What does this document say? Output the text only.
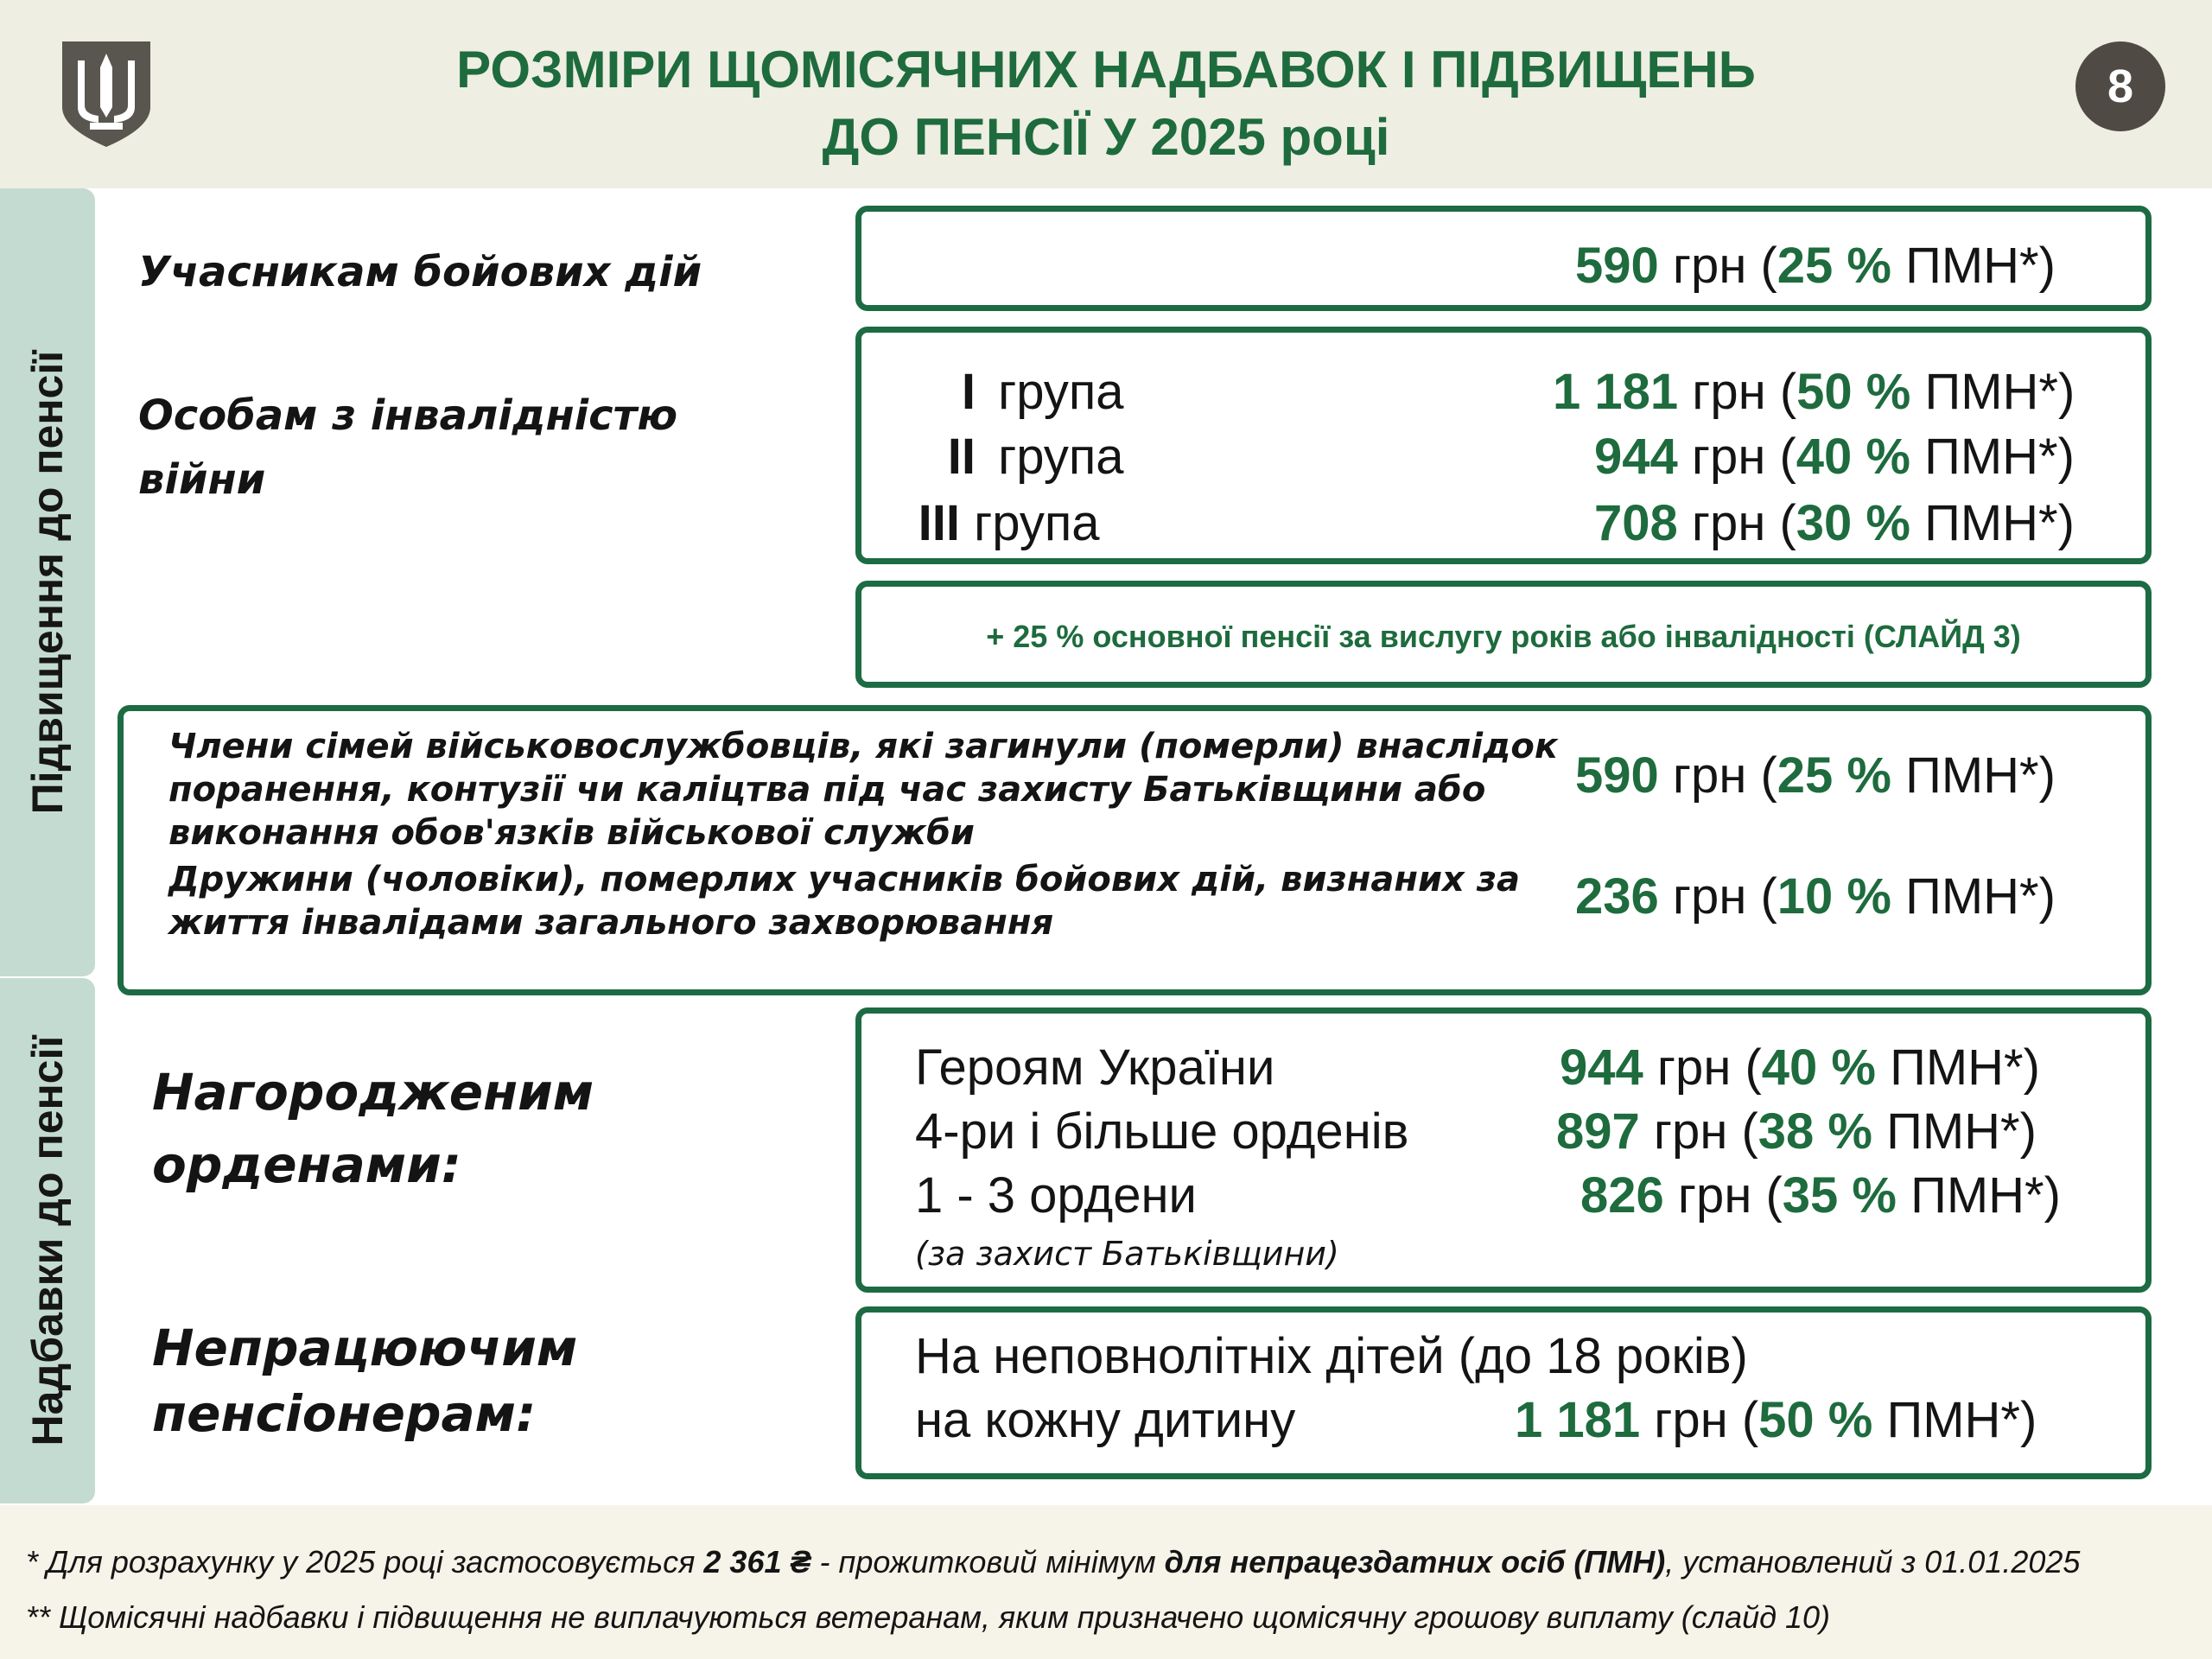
РОЗМІРИ ЩОМІСЯЧНИХ НАДБАВОК І ПІДВИЩЕНЬ
ДО ПЕНСІЇ У 2025 році
8
Підвищення до пенсії
Надбавки до пенсії
Учасникам бойових дій	590 грн (25 % ПМН*)
Особам з інвалідністю
війни
I група	1 181 грн (50 % ПМН*)
II група	944 грн (40 % ПМН*)
III група	708 грн (30 % ПМН*)
+ 25 % основної пенсії за вислугу років або інвалідності (СЛАЙД 3)
Члени сімей військовослужбовців, які загинули (померли) внаслідок
поранення, контузії чи каліцтва під час захисту Батьківщини або
виконання обов'язків військової служби
590 грн (25 % ПМН*)
Дружини (чоловіки), померлих учасників бойових дій, визнаних за
життя інвалідами загального захворювання	236 грн (10 % ПМН*)
Нагородженим
орденами:
Героям України	944 грн (40 % ПМН*)
4-ри і більше орденів	897 грн (38 % ПМН*)
1 - 3 ордени	826 грн (35 % ПМН*)
(за захист Батьківщини)
Непрацюючим
пенсіонерам:
На неповнолітніх дітей (до 18 років)
на кожну дитину	1 181 грн (50 % ПМН*)
* Для розрахунку у 2025 році застосовується 2 361 ₴ - прожитковий мінімум для непрацездатних осіб (ПМН), установлений з 01.01.2025
** Щомісячні надбавки і підвищення не виплачуються ветеранам, яким призначено щомісячну грошову виплату (слайд 10)
